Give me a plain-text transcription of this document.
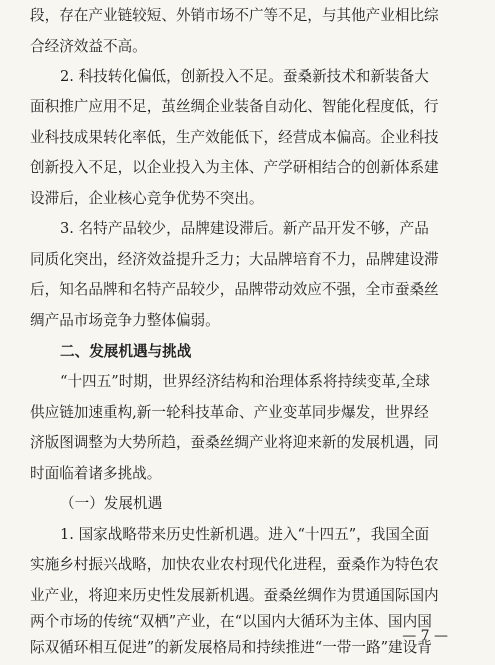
段，存在产业链较短、外销市场不广等不足，与其他产业相比综
合经济效益不高。
2. 科技转化偏低，创新投入不足。蚕桑新技术和新装备大
面积推广应用不足，茧丝绸企业装备自动化、智能化程度低，行
业科技成果转化率低，生产效能低下，经营成本偏高。企业科技
创新投入不足，以企业投入为主体、产学研相结合的创新体系建
设滞后，企业核心竞争优势不突出。
3. 名特产品较少，品牌建设滞后。新产品开发不够，产品
同质化突出，经济效益提升乏力；大品牌培育不力，品牌建设滞
后，知名品牌和名特产品较少，品牌带动效应不强，全市蚕桑丝
绸产品市场竞争力整体偏弱。
二、发展机遇与挑战
“十四五”时期，世界经济结构和治理体系将持续变革,全球
供应链加速重构,新一轮科技革命、产业变革同步爆发，世界经
济版图调整为大势所趋，蚕桑丝绸产业将迎来新的发展机遇，同
时面临着诸多挑战。
（一）发展机遇
1. 国家战略带来历史性新机遇。进入“十四五”，我国全面
实施乡村振兴战略，加快农业农村现代化进程，蚕桑作为特色农
业产业，将迎来历史性发展新机遇。蚕桑丝绸作为贯通国际国内
两个市场的传统“双栖”产业，在“以国内大循环为主体、国内国
际双循环相互促进”的新发展格局和持续推进“一带一路”建设背
— 7 —
